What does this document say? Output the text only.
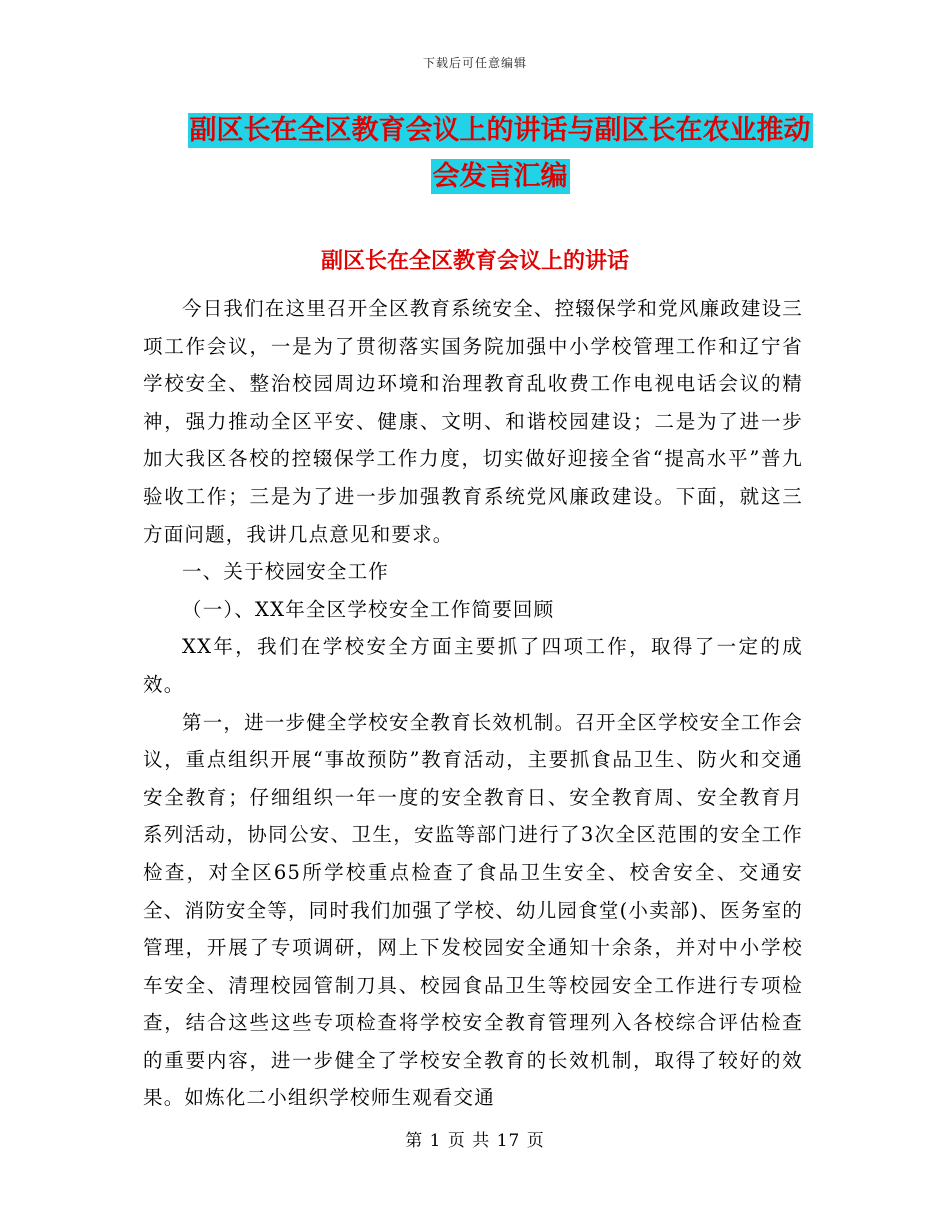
下载后可任意编辑
副区长在全区教育会议上的讲话与副区长在农业推动
会发言汇编
副区长在全区教育会议上的讲话

今日我们在这里召开全区教育系统安全、控辍保学和党风廉政建设三项工作会议，一是为了贯彻落实国务院加强中小学校管理工作和辽宁省学校安全、整治校园周边环境和治理教育乱收费工作电视电话会议的精神，强力推动全区平安、健康、文明、和谐校园建设；二是为了进一步加大我区各校的控辍保学工作力度，切实做好迎接全省“提高水平”普九验收工作；三是为了进一步加强教育系统党风廉政建设。下面，就这三方面问题，我讲几点意见和要求。

一、关于校园安全工作

（一）、XX年全区学校安全工作简要回顾

XX年，我们在学校安全方面主要抓了四项工作，取得了一定的成效。

第一，进一步健全学校安全教育长效机制。召开全区学校安全工作会议，重点组织开展“事故预防”教育活动，主要抓食品卫生、防火和交通安全教育；仔细组织一年一度的安全教育日、安全教育周、安全教育月系列活动，协同公安、卫生，安监等部门进行了3次全区范围的安全工作检查，对全区65所学校重点检查了食品卫生安全、校舍安全、交通安全、消防安全等，同时我们加强了学校、幼儿园食堂(小卖部)、医务室的管理，开展了专项调研，网上下发校园安全通知十余条，并对中小学校车安全、清理校园管制刀具、校园食品卫生等校园安全工作进行专项检查，结合这些这些专项检查将学校安全教育管理列入各校综合评估检查的重要内容，进一步健全了学校安全教育的长效机制，取得了较好的效果。如炼化二小组织学校师生观看交通

第 1 页 共 17 页
